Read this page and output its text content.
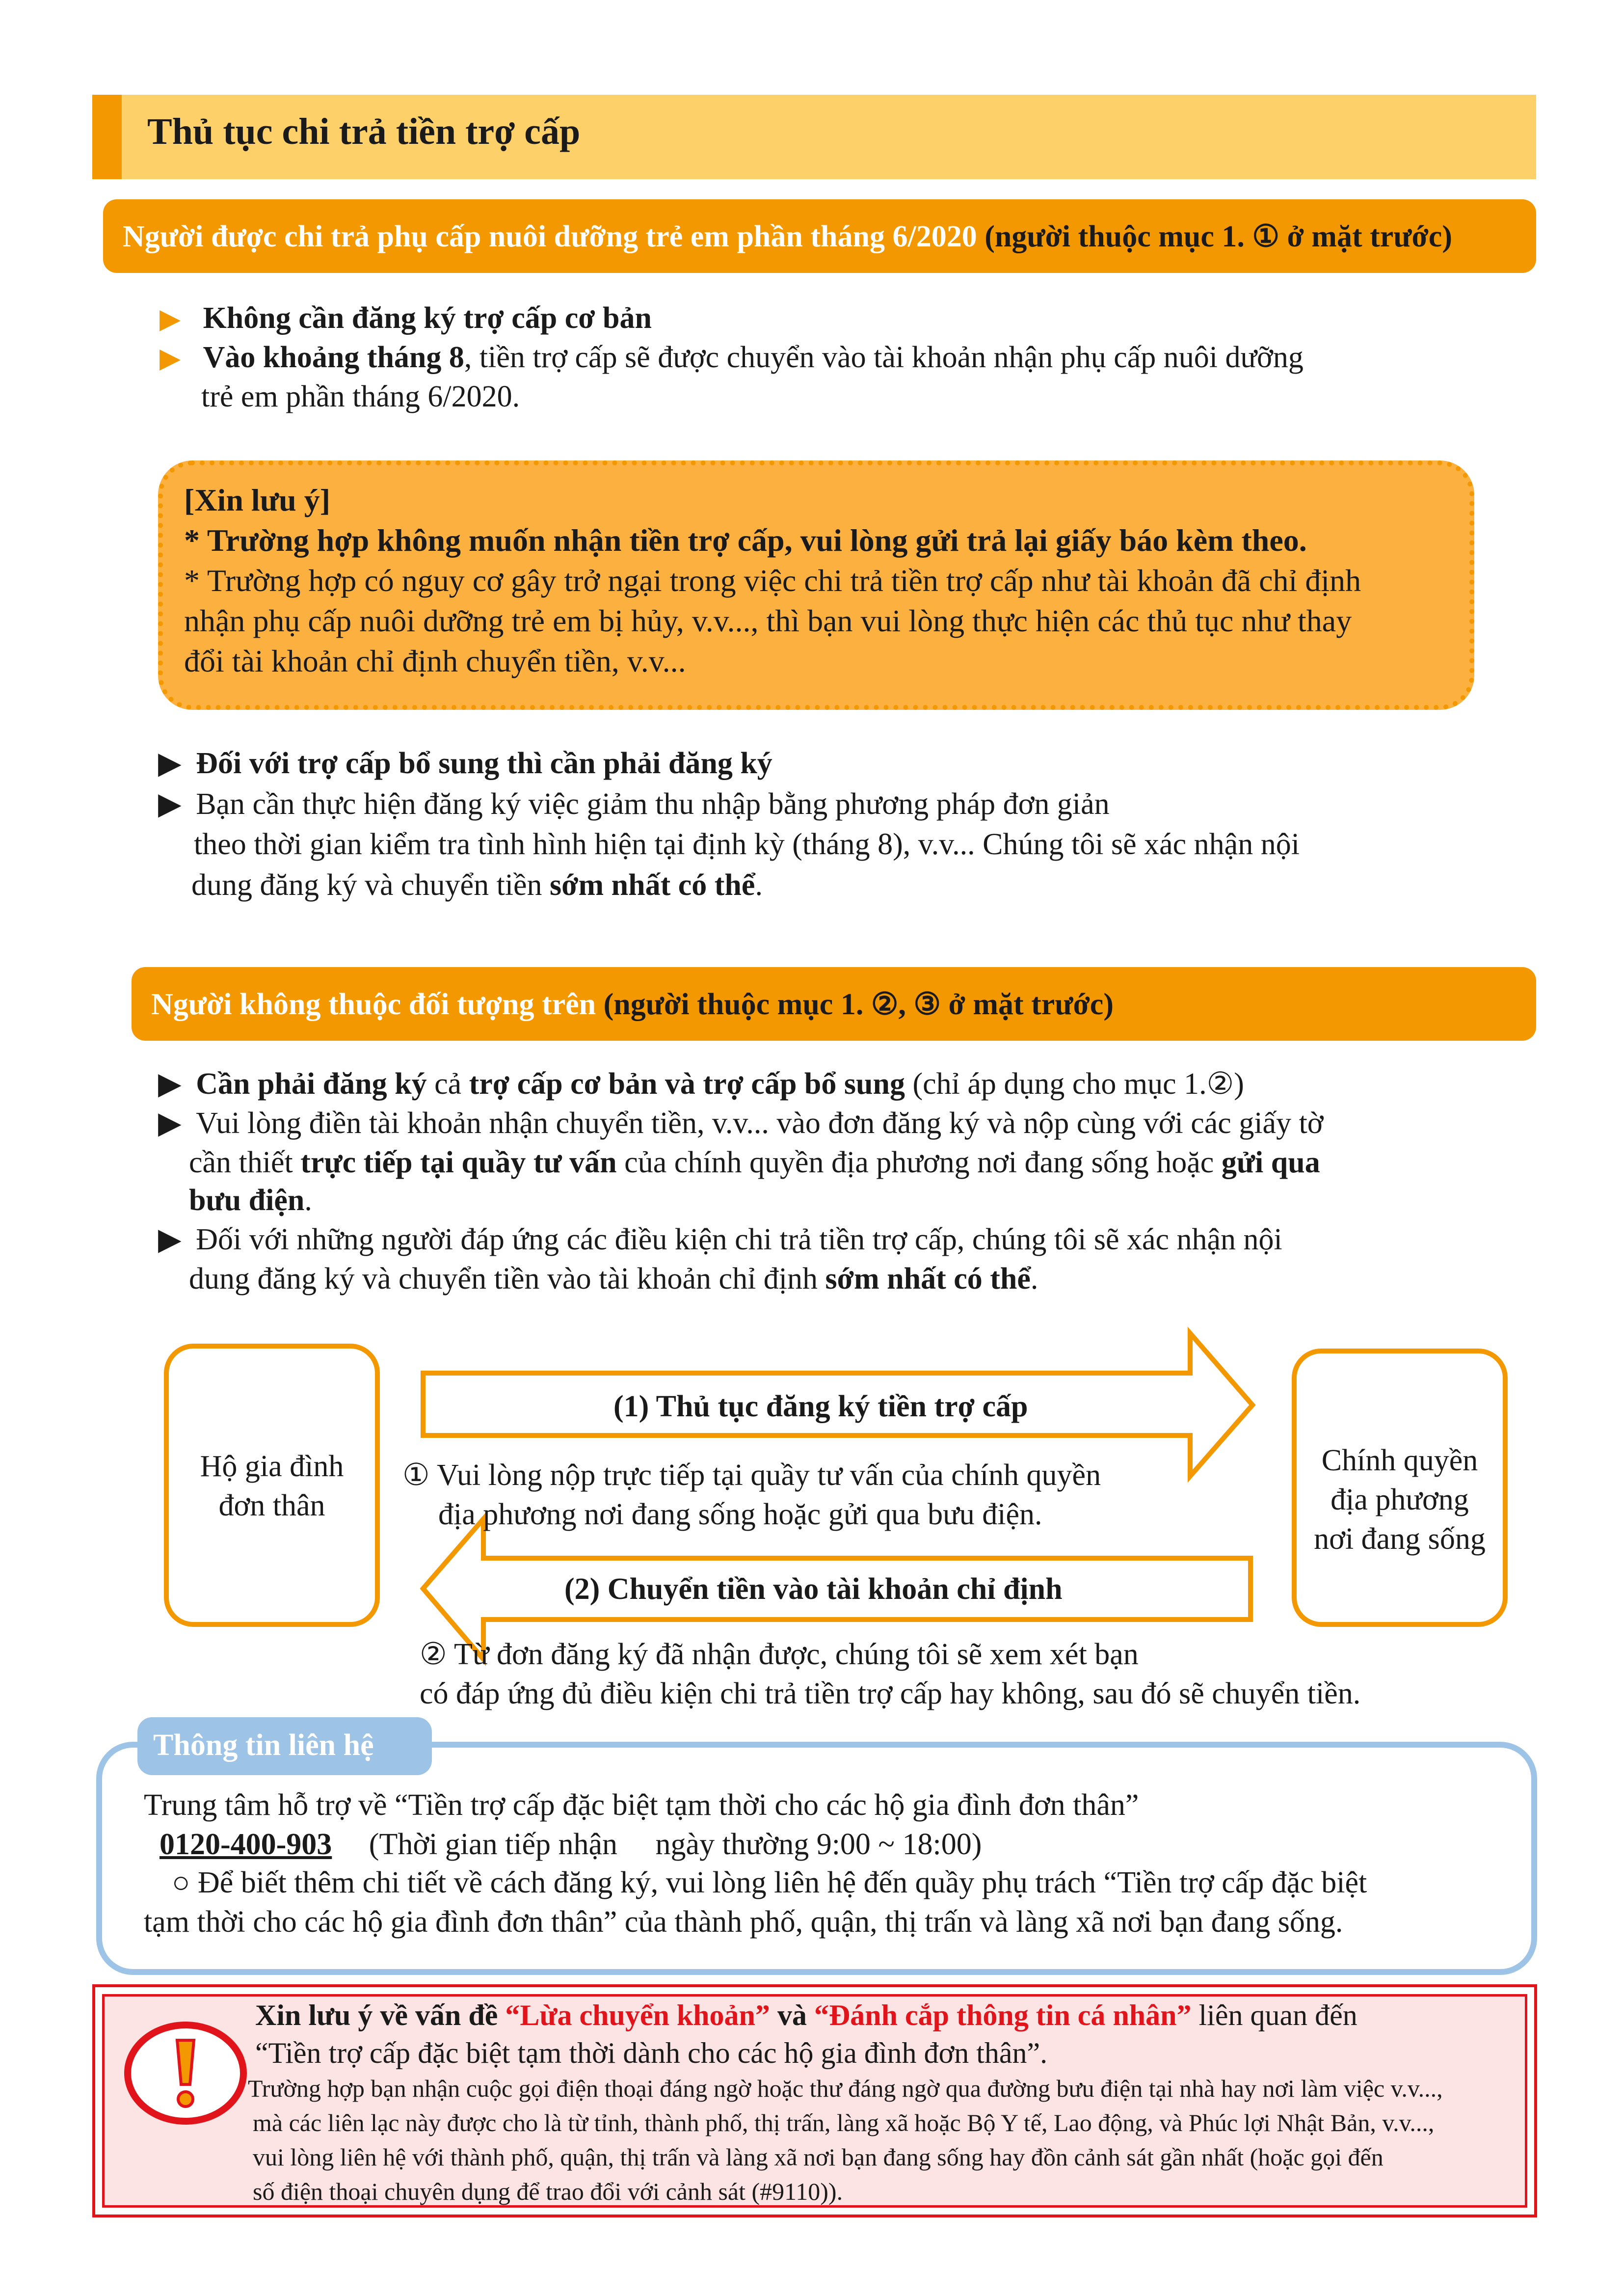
Thủ tục chi trả tiền trợ cấp
Người được chi trả phụ cấp nuôi dưỡng trẻ em phần tháng 6/2020 (người thuộc mục 1. ① ở mặt trước)
▶ Không cần đăng ký trợ cấp cơ bản
▶ Vào khoảng tháng 8, tiền trợ cấp sẽ được chuyển vào tài khoản nhận phụ cấp nuôi dưỡng
trẻ em phần tháng 6/2020.
[Xin lưu ý]
* Trường hợp không muốn nhận tiền trợ cấp, vui lòng gửi trả lại giấy báo kèm theo.
* Trường hợp có nguy cơ gây trở ngại trong việc chi trả tiền trợ cấp như tài khoản đã chỉ định
nhận phụ cấp nuôi dưỡng trẻ em bị hủy, v.v..., thì bạn vui lòng thực hiện các thủ tục như thay
đổi tài khoản chỉ định chuyển tiền, v.v...
▶ Đối với trợ cấp bổ sung thì cần phải đăng ký
▶ Bạn cần thực hiện đăng ký việc giảm thu nhập bằng phương pháp đơn giản
theo thời gian kiểm tra tình hình hiện tại định kỳ (tháng 8), v.v... Chúng tôi sẽ xác nhận nội
dung đăng ký và chuyển tiền sớm nhất có thể.
Người không thuộc đối tượng trên (người thuộc mục 1. ②, ③ ở mặt trước)
▶ Cần phải đăng ký cả trợ cấp cơ bản và trợ cấp bổ sung (chỉ áp dụng cho mục 1.②)
▶ Vui lòng điền tài khoản nhận chuyển tiền, v.v... vào đơn đăng ký và nộp cùng với các giấy tờ
cần thiết trực tiếp tại quầy tư vấn của chính quyền địa phương nơi đang sống hoặc gửi qua
bưu điện.
▶ Đối với những người đáp ứng các điều kiện chi trả tiền trợ cấp, chúng tôi sẽ xác nhận nội
dung đăng ký và chuyển tiền vào tài khoản chỉ định sớm nhất có thể.
Hộ gia đình
đơn thân
Chính quyền
địa phương
nơi đang sống
(1) Thủ tục đăng ký tiền trợ cấp
① Vui lòng nộp trực tiếp tại quầy tư vấn của chính quyền
địa phương nơi đang sống hoặc gửi qua bưu điện.
(2) Chuyển tiền vào tài khoản chỉ định
② Từ đơn đăng ký đã nhận được, chúng tôi sẽ xem xét bạn
có đáp ứng đủ điều kiện chi trả tiền trợ cấp hay không, sau đó sẽ chuyển tiền.
Thông tin liên hệ
Trung tâm hỗ trợ về “Tiền trợ cấp đặc biệt tạm thời cho các hộ gia đình đơn thân”
0120-400-903 (Thời gian tiếp nhận　 ngày thường 9:00 ~ 18:00)
○ Để biết thêm chi tiết về cách đăng ký, vui lòng liên hệ đến quầy phụ trách “Tiền trợ cấp đặc biệt
tạm thời cho các hộ gia đình đơn thân” của thành phố, quận, thị trấn và làng xã nơi bạn đang sống.
Xin lưu ý về vấn đề “Lừa chuyển khoản” và “Đánh cắp thông tin cá nhân” liên quan đến
“Tiền trợ cấp đặc biệt tạm thời dành cho các hộ gia đình đơn thân”.
Trường hợp bạn nhận cuộc gọi điện thoại đáng ngờ hoặc thư đáng ngờ qua đường bưu điện tại nhà hay nơi làm việc v.v...,
mà các liên lạc này được cho là từ tỉnh, thành phố, thị trấn, làng xã hoặc Bộ Y tế, Lao động, và Phúc lợi Nhật Bản, v.v...,
vui lòng liên hệ với thành phố, quận, thị trấn và làng xã nơi bạn đang sống hay đồn cảnh sát gần nhất (hoặc gọi đến
số điện thoại chuyên dụng để trao đổi với cảnh sát (#9110)).
